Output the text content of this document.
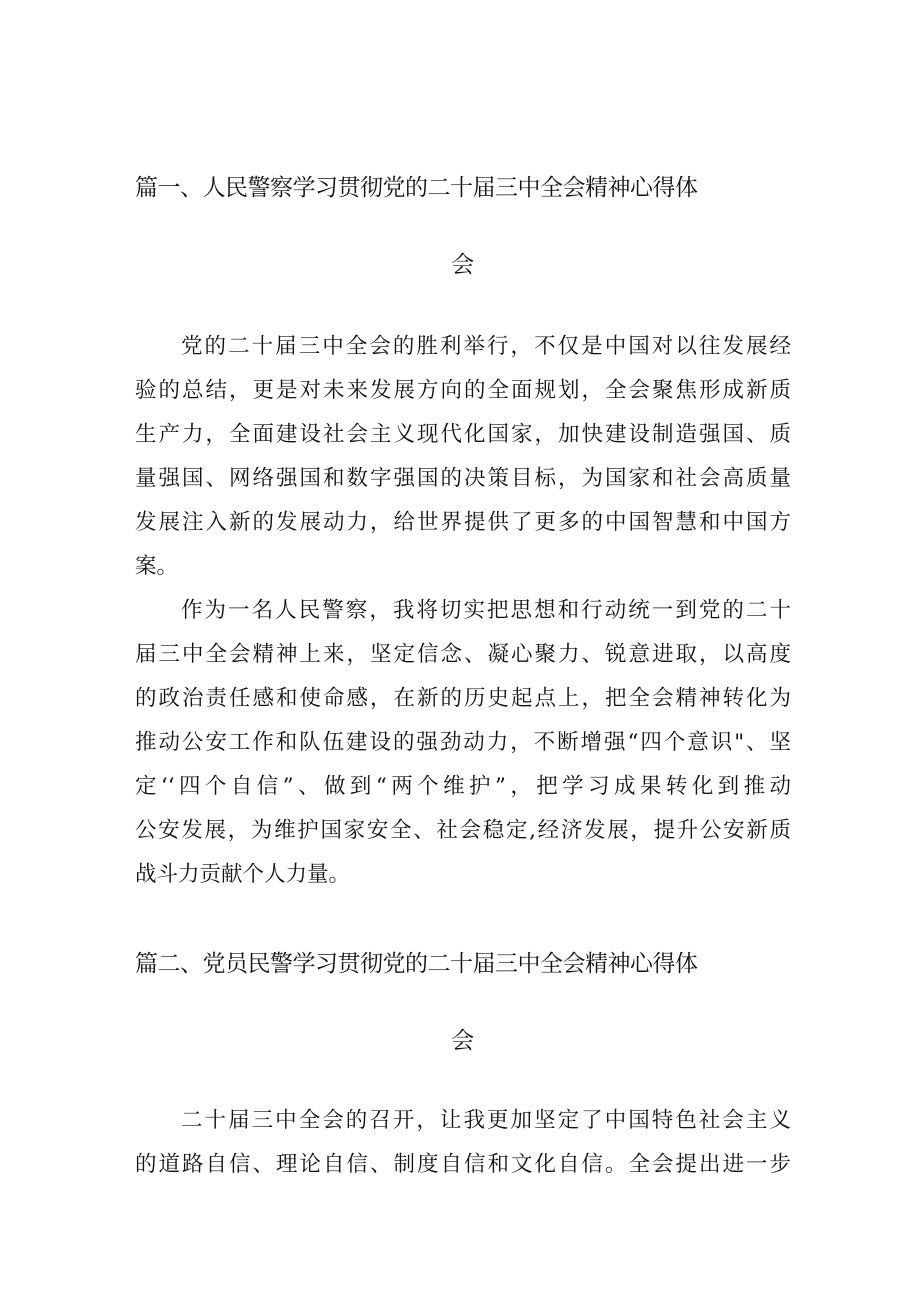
篇一、人民警察学习贯彻党的二十届三中全会精神心得体
会
党的二十届三中全会的胜利举行，不仅是中国对以往发展经
验的总结，更是对未来发展方向的全面规划，全会聚焦形成新质
生产力，全面建设社会主义现代化国家，加快建设制造强国、质
量强国、网络强国和数字强国的决策目标，为国家和社会高质量
发展注入新的发展动力，给世界提供了更多的中国智慧和中国方
案。
作为一名人民警察，我将切实把思想和行动统一到党的二十
届三中全会精神上来，坚定信念、凝心聚力、锐意进取，以高度
的政治责任感和使命感，在新的历史起点上，把全会精神转化为
推动公安工作和队伍建设的强劲动力，不断增强“四个意识"、坚
定‘‘四个自信”、做到“两个维护”，把学习成果转化到推动
公安发展，为维护国家安全、社会稳定,经济发展，提升公安新质
战斗力贡献个人力量。
篇二、党员民警学习贯彻党的二十届三中全会精神心得体
会
二十届三中全会的召开，让我更加坚定了中国特色社会主义
的道路自信、理论自信、制度自信和文化自信。全会提出进一步
